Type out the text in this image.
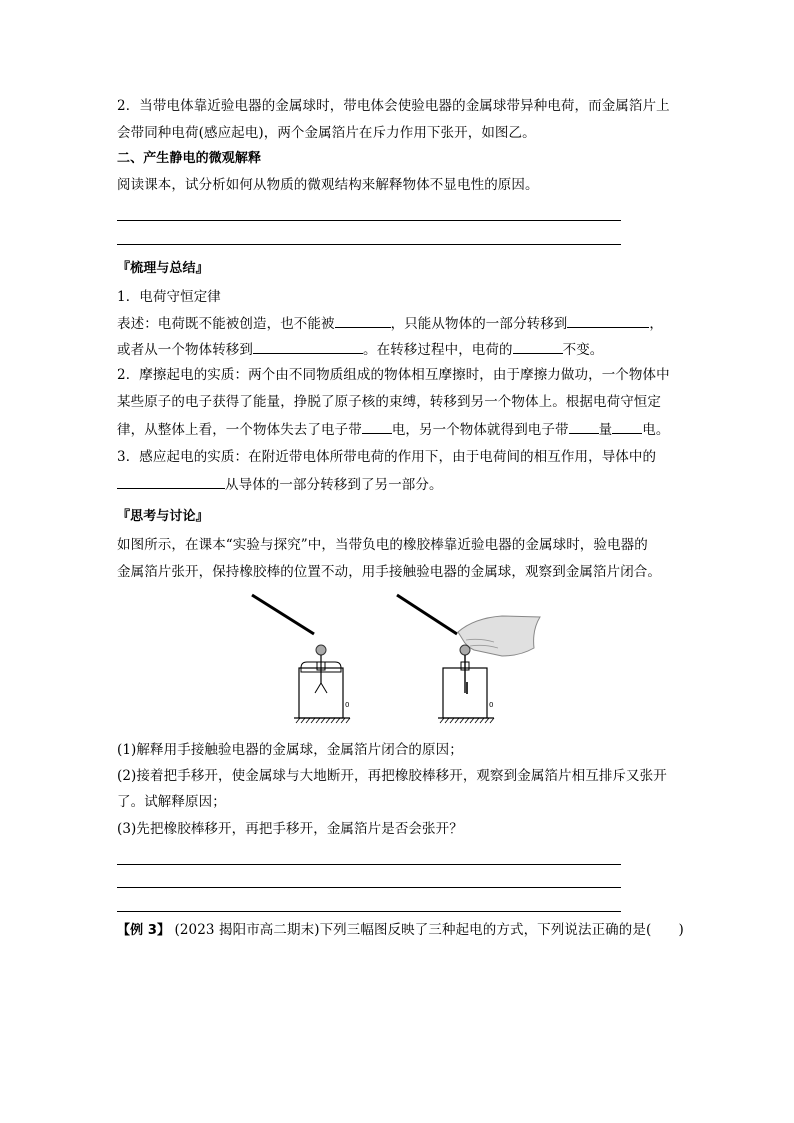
2．当带电体靠近验电器的金属球时，带电体会使验电器的金属球带异种电荷，而金属箔片上
会带同种电荷(感应起电)，两个金属箔片在斥力作用下张开，如图乙。
二、产生静电的微观解释
阅读课本，试分析如何从物质的微观结构来解释物体不显电性的原因。
『梳理与总结』
1．电荷守恒定律
表述：电荷既不能被创造，也不能被	，只能从物体的一部分转移到	，
或者从一个物体转移到	。在转移过程中，电荷的	不变。
2．摩擦起电的实质：两个由不同物质组成的物体相互摩擦时，由于摩擦力做功，一个物体中
某些原子的电子获得了能量，挣脱了原子核的束缚，转移到另一个物体上。根据电荷守恒定
律，从整体上看，一个物体失去了电子带 电，另一个物体就得到电子带 量 电。
3．感应起电的实质：在附近带电体所带电荷的作用下，由于电荷间的相互作用，导体中的
从导体的一部分转移到了另一部分。
『思考与讨论』
如图所示，在课本“实验与探究”中，当带负电的橡胶棒靠近验电器的金属球时，验电器的
金属箔片张开，保持橡胶棒的位置不动，用手接触验电器的金属球，观察到金属箔片闭合。
0	0
(1)解释用手接触验电器的金属球，金属箔片闭合的原因；
(2)接着把手移开，使金属球与大地断开，再把橡胶棒移开，观察到金属箔片相互排斥又张开
了。试解释原因；
(3)先把橡胶棒移开，再把手移开，金属箔片是否会张开？
【例 3】 (2023 揭阳市高二期末)下列三幅图反映了三种起电的方式，下列说法正确的是(　　)
